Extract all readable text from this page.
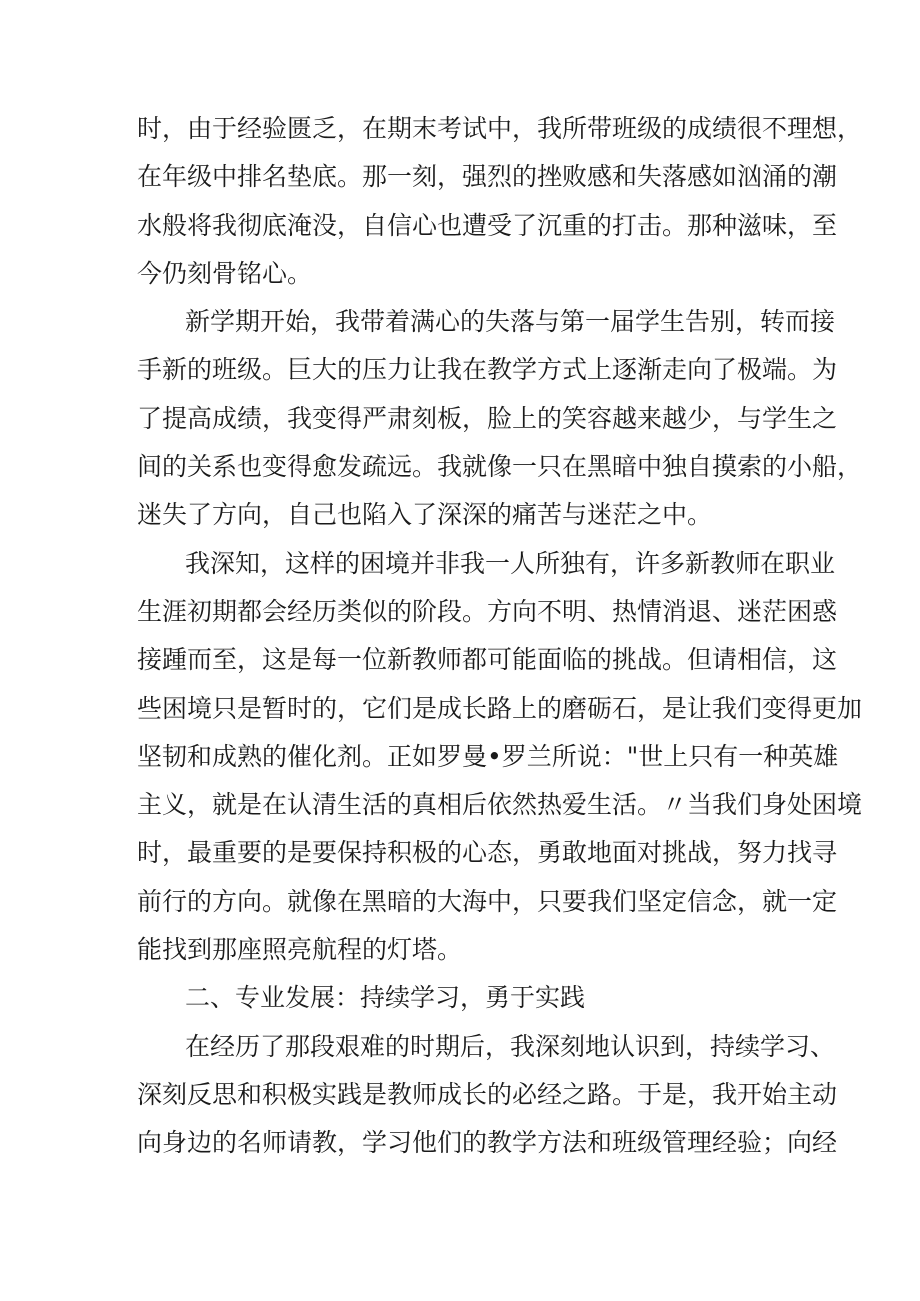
时，由于经验匮乏，在期末考试中，我所带班级的成绩很不理想，
在年级中排名垫底。那一刻，强烈的挫败感和失落感如汹涌的潮
水般将我彻底淹没，自信心也遭受了沉重的打击。那种滋味，至
今仍刻骨铭心。
新学期开始，我带着满心的失落与第一届学生告别，转而接
手新的班级。巨大的压力让我在教学方式上逐渐走向了极端。为
了提高成绩，我变得严肃刻板，脸上的笑容越来越少，与学生之
间的关系也变得愈发疏远。我就像一只在黑暗中独自摸索的小船，
迷失了方向，自己也陷入了深深的痛苦与迷茫之中。
我深知，这样的困境并非我一人所独有，许多新教师在职业
生涯初期都会经历类似的阶段。方向不明、热情消退、迷茫困惑
接踵而至，这是每一位新教师都可能面临的挑战。但请相信，这
些困境只是暂时的，它们是成长路上的磨砺石，是让我们变得更加
坚韧和成熟的催化剂。正如罗曼•罗兰所说："世上只有一种英雄
主义，就是在认清生活的真相后依然热爱生活。〃当我们身处困境
时，最重要的是要保持积极的心态，勇敢地面对挑战，努力找寻
前行的方向。就像在黑暗的大海中，只要我们坚定信念，就一定
能找到那座照亮航程的灯塔。
二、专业发展：持续学习，勇于实践
在经历了那段艰难的时期后，我深刻地认识到，持续学习、
深刻反思和积极实践是教师成长的必经之路。于是，我开始主动
向身边的名师请教，学习他们的教学方法和班级管理经验；向经
